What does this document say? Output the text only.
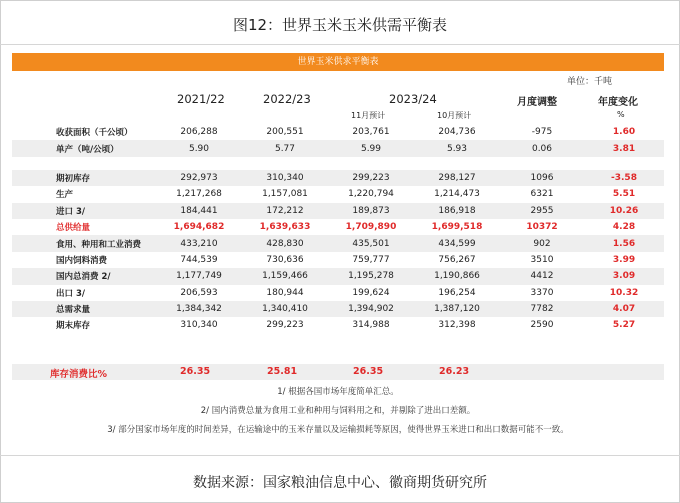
图12：世界玉米玉米供需平衡表
世界玉米供求平衡表
单位：千吨
2021/22	2022/23	2023/24
11月预计	10月预计
月度调整	年度变化
%
收获面积（千公顷）	206,288	200,551	203,761	204,736	-975	1.60
单产（吨/公顷）	5.90	5.77	5.99	5.93	0.06	3.81

期初库存	292,973	310,340	299,223	298,127	1096	-3.58
生产	1,217,268	1,157,081	1,220,794	1,214,473	6321	5.51
进口 3/	184,441	172,212	189,873	186,918	2955	10.26
总供给量	1,694,682	1,639,633	1,709,890	1,699,518	10372	4.28
食用、种用和工业消费	433,210	428,830	435,501	434,599	902	1.56
国内饲料消费	744,539	730,636	759,777	756,267	3510	3.99
国内总消费 2/	1,177,749	1,159,466	1,195,278	1,190,866	4412	3.09
出口 3/	206,593	180,944	199,624	196,254	3370	10.32
总需求量	1,384,342	1,340,410	1,394,902	1,387,120	7782	4.07
期末库存	310,340	299,223	314,988	312,398	2590	5.27
库存消费比%	26.35	25.81	26.35	26.23
1/ 根据各国市场年度简单汇总。
2/ 国内消费总量为食用工业和种用与饲料用之和，并剔除了进出口差额。
3/ 部分国家市场年度的时间差异，在运输途中的玉米存量以及运输损耗等原因，使得世界玉米进口和出口数据可能不一致。
数据来源：国家粮油信息中心、徽商期货研究所
